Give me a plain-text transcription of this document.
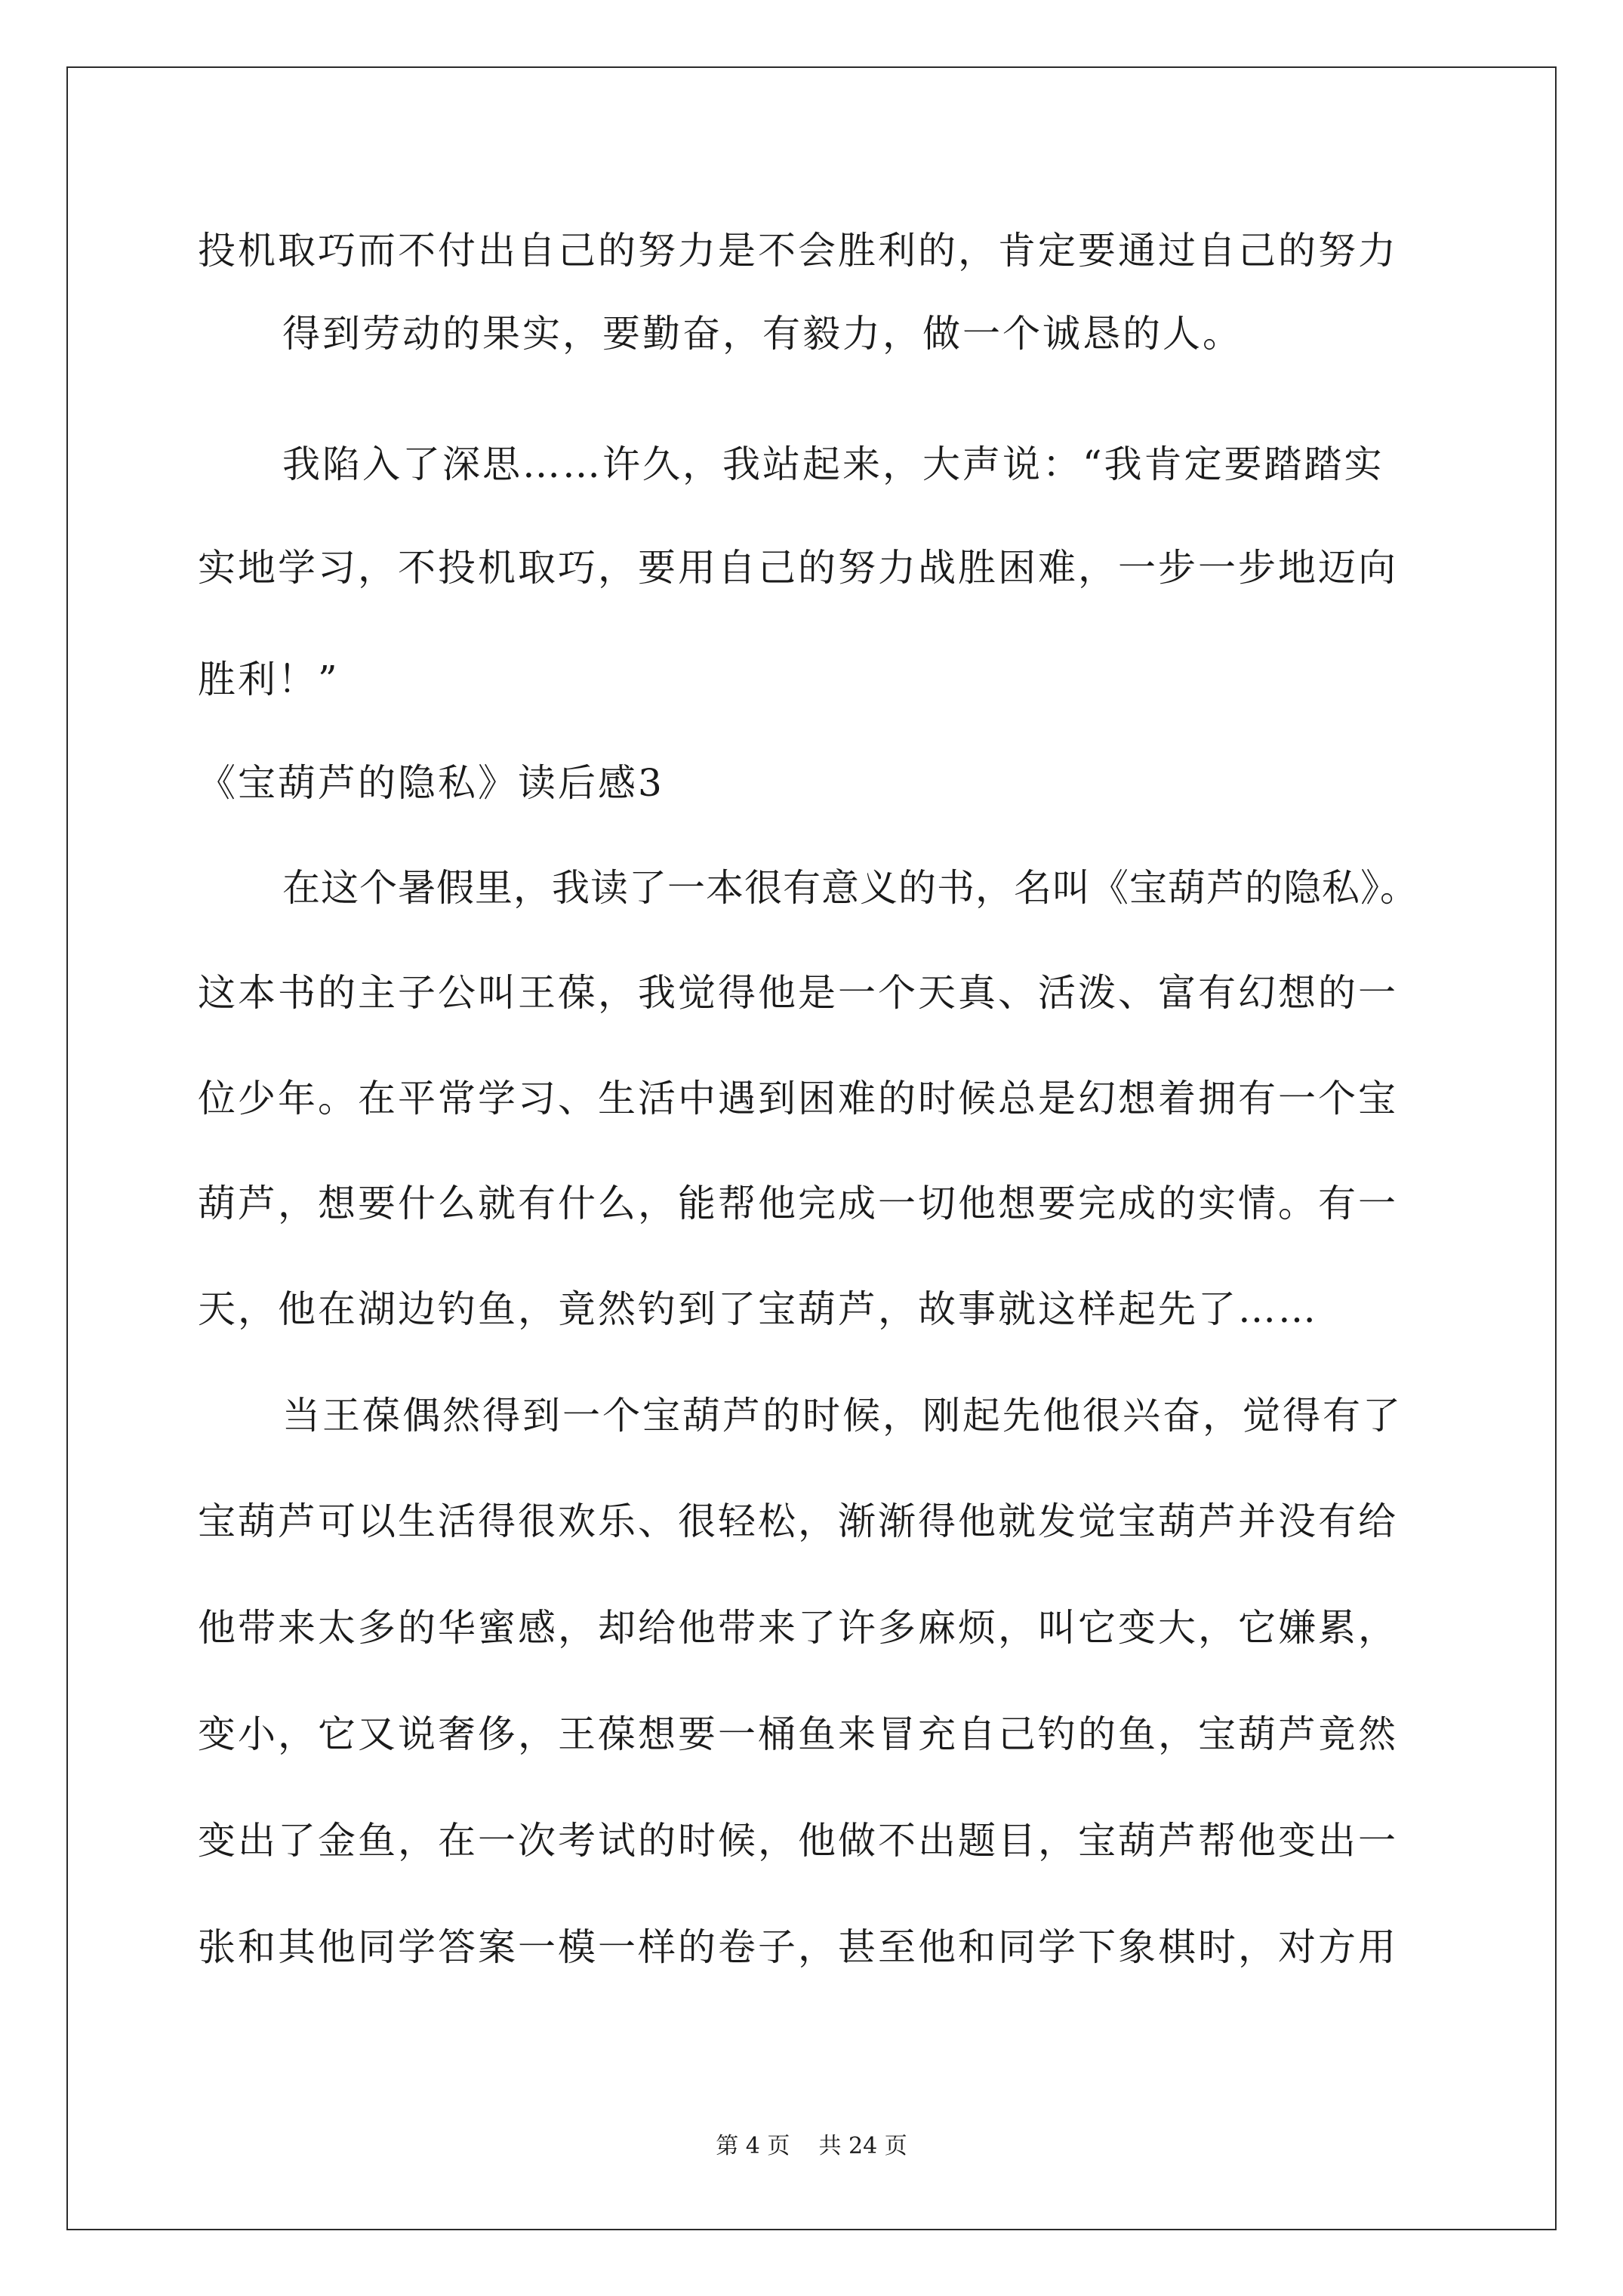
投机取巧而不付出自己的努力是不会胜利的，肯定要通过自己的努力
得到劳动的果实，要勤奋，有毅力，做一个诚恳的人。
我陷入了深思……许久，我站起来，大声说：“我肯定要踏踏实
实地学习，不投机取巧，要用自己的努力战胜困难，一步一步地迈向
胜利！”
《宝葫芦的隐私》读后感3
在这个暑假里，我读了一本很有意义的书，名叫《宝葫芦的隐私》。
这本书的主子公叫王葆，我觉得他是一个天真、活泼、富有幻想的一
位少年。在平常学习、生活中遇到困难的时候总是幻想着拥有一个宝
葫芦，想要什么就有什么，能帮他完成一切他想要完成的实情。有一
天，他在湖边钓鱼，竟然钓到了宝葫芦，故事就这样起先了……
当王葆偶然得到一个宝葫芦的时候，刚起先他很兴奋，觉得有了
宝葫芦可以生活得很欢乐、很轻松，渐渐得他就发觉宝葫芦并没有给
他带来太多的华蜜感，却给他带来了许多麻烦，叫它变大，它嫌累，
变小，它又说奢侈，王葆想要一桶鱼来冒充自己钓的鱼，宝葫芦竟然
变出了金鱼，在一次考试的时候，他做不出题目，宝葫芦帮他变出一
张和其他同学答案一模一样的卷子，甚至他和同学下象棋时，对方用
第 4 页    共 24 页
